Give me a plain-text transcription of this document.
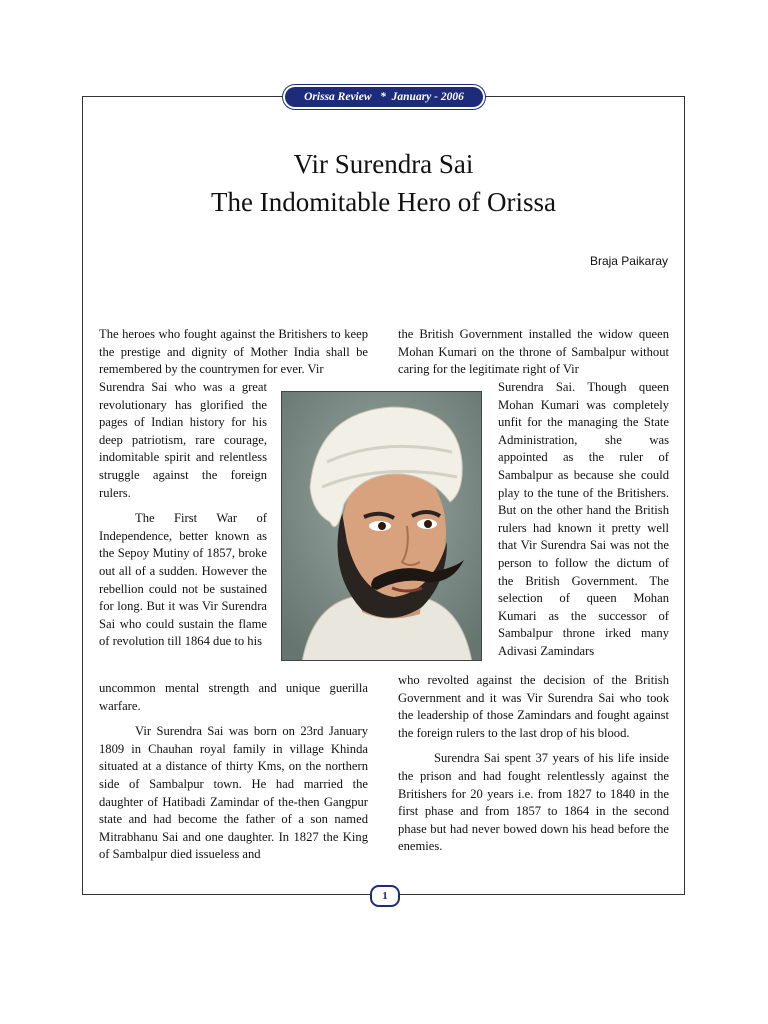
Orissa Review * January - 2006
Vir Surendra Sai
The Indomitable Hero of Orissa
Braja Paikaray

The heroes who fought against the Britishers to keep the prestige and dignity of Mother India shall be remembered by the countrymen for ever. Vir

Surendra Sai who was a great revolutionary has glorified the pages of Indian history for his deep patriotism, rare courage, indomitable spirit and relentless struggle against the foreign rulers.

The First War of Independence, better known as the Sepoy Mutiny of 1857, broke out all of a sudden. However the rebellion could not be sustained for long. But it was Vir Surendra Sai who could sustain the flame of revolution till 1864 due to his

uncommon mental strength and unique guerilla warfare.

Vir Surendra Sai was born on 23rd January 1809 in Chauhan royal family in village Khinda situated at a distance of thirty Kms, on the northern side of Sambalpur town. He had married the daughter of Hatibadi Zamindar of the-then Gangpur state and had become the father of a son named Mitrabhanu Sai and one daughter. In 1827 the King of Sambalpur died issueless and

the British Government installed the widow queen Mohan Kumari on the throne of Sambalpur without caring for the legitimate right of Vir

Surendra Sai. Though queen Mohan Kumari was completely unfit for the managing the State Administration, she was appointed as the ruler of Sambalpur as because she could play to the tune of the Britishers. But on the other hand the British rulers had known it pretty well that Vir Surendra Sai was not the person to follow the dictum of the British Government. The selection of queen Mohan Kumari as the successor of Sambalpur throne irked many Adivasi Zamindars

who revolted against the decision of the British Government and it was Vir Surendra Sai who took the leadership of those Zamindars and fought against the foreign rulers to the last drop of his blood.

Surendra Sai spent 37 years of his life inside the prison and had fought relentlessly against the Britishers for 20 years i.e. from 1827 to 1840 in the first phase and from 1857 to 1864 in the second phase but had never bowed down his head before the enemies.

1
